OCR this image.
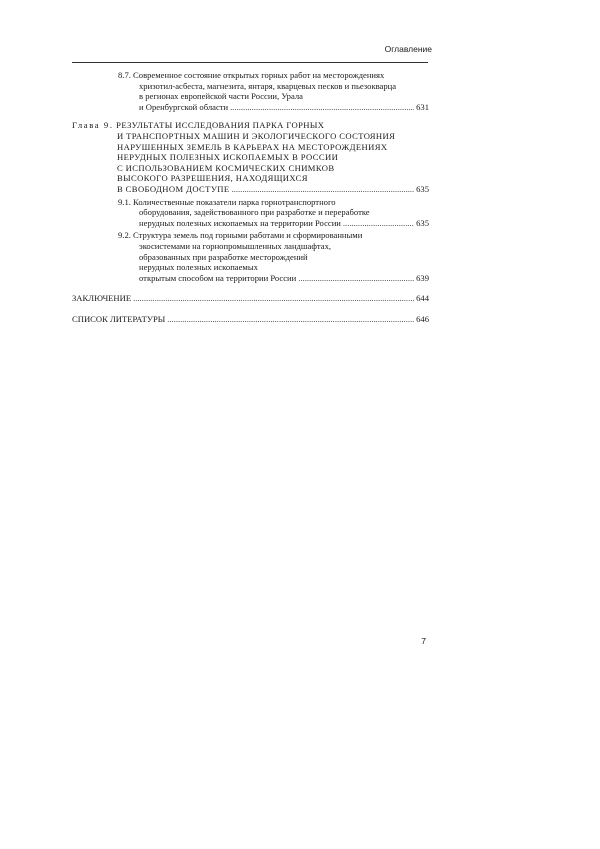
Оглавление
8.7. Современное состояние открытых горных работ на месторождениях
хризотил-асбеста, магнезита, янтаря, кварцевых песков и пьезокварца
в регионах европейской части России, Урала
и Оренбургской области .....	631
Глава 9. РЕЗУЛЬТАТЫ ИССЛЕДОВАНИЯ ПАРКА ГОРНЫХ
И ТРАНСПОРТНЫХ МАШИН И ЭКОЛОГИЧЕСКОГО СОСТОЯНИЯ
НАРУШЕННЫХ ЗЕМЕЛЬ В КАРЬЕРАХ НА МЕСТОРОЖДЕНИЯХ
НЕРУДНЫХ ПОЛЕЗНЫХ ИСКОПАЕМЫХ В РОССИИ
С ИСПОЛЬЗОВАНИЕМ КОСМИЧЕСКИХ СНИМКОВ
ВЫСОКОГО РАЗРЕШЕНИЯ, НАХОДЯЩИХСЯ
В СВОБОДНОМ ДОСТУПЕ .....	635
9.1. Количественные показатели парка горнотранспортного
оборудования, задействованного при разработке и переработке
нерудных полезных ископаемых на территории России .....	635
9.2. Структура земель под горными работами и сформированными
экосистемами на горнопромышленных ландшафтах,
образованных при разработке месторождений
нерудных полезных ископаемых
открытым способом на территории России .....	639
ЗАКЛЮЧЕНИЕ .....	644
СПИСОК ЛИТЕРАТУРЫ .....	646
7
